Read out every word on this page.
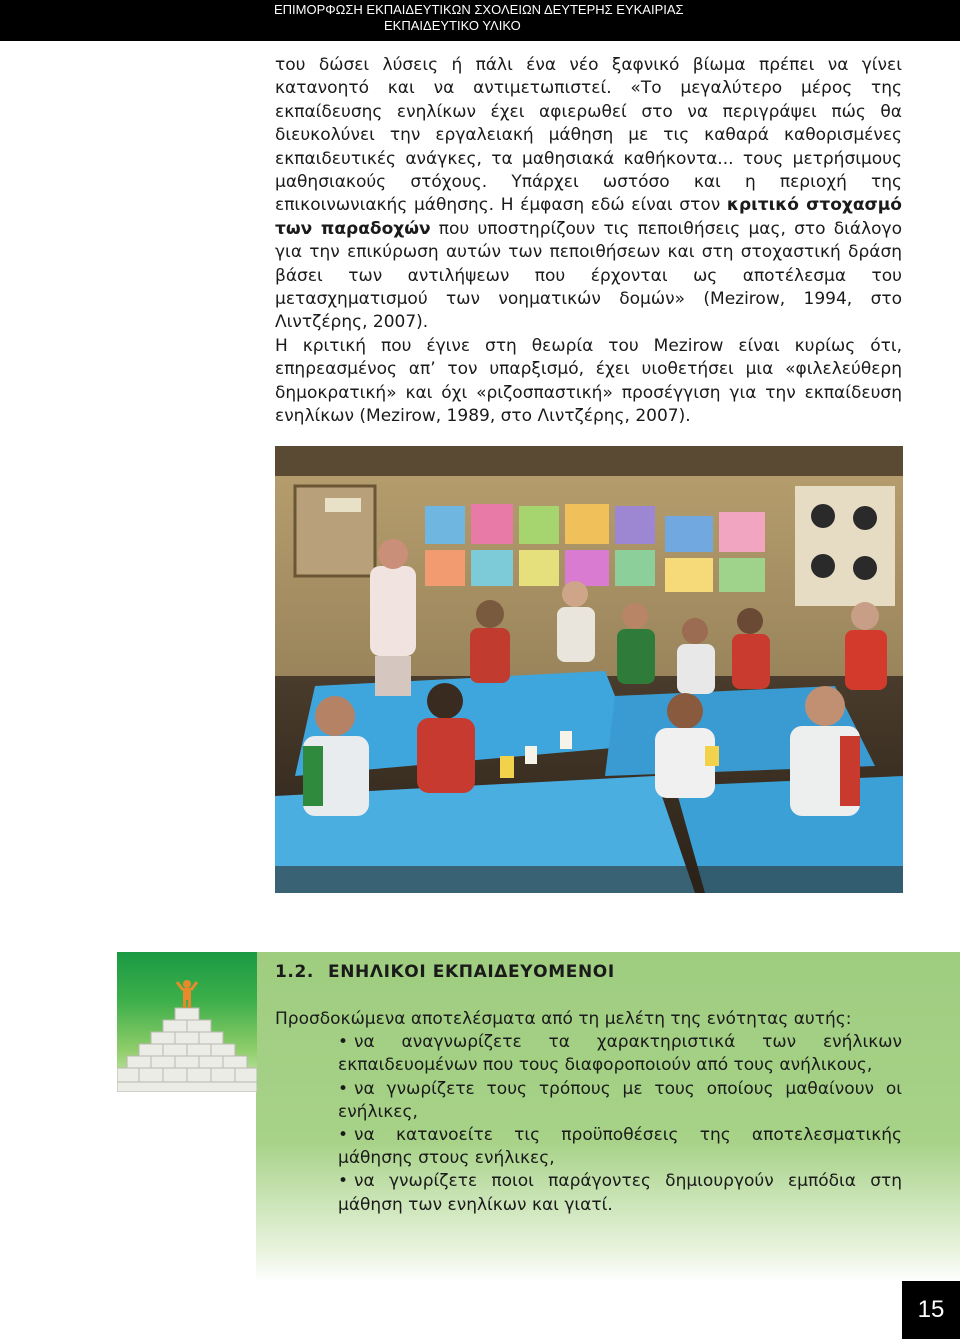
ΕΠΙΜΟΡΦΩΣΗ ΕΚΠΑΙΔΕΥΤΙΚΩΝ ΣΧΟΛΕΙΩΝ ΔΕΥΤΕΡΗΣ ΕΥΚΑΙΡΙΑΣ
ΕΚΠΑΙΔΕΥΤΙΚΟ ΥΛΙΚΟ

του δώσει λύσεις ή πάλι ένα νέο ξαφνικό βίωμα πρέπει να γίνει κατανοητό και να αντιμετωπιστεί. «Το μεγαλύτερο μέρος της εκπαίδευσης ενηλίκων έχει αφιερωθεί στο να περιγράψει πώς θα διευκολύνει την εργαλειακή μάθηση με τις καθαρά καθορισμένες εκπαιδευτικές ανάγκες, τα μαθησιακά καθήκοντα... τους μετρήσιμους μαθησιακούς στόχους. Υπάρχει ωστόσο και η περιοχή της επικοινωνιακής μάθησης. Η έμφαση εδώ είναι στον κριτικό στοχασμό των παραδοχών που υποστηρίζουν τις πεποιθήσεις μας, στο διάλογο για την επικύρωση αυτών των πεποιθήσεων και στη στοχαστική δράση βάσει των αντιλήψεων που έρχονται ως αποτέλεσμα του μετασχηματισμού των νοηματικών δομών» (Mezirow, 1994, στο Λιντζέρης, 2007).

Η κριτική που έγινε στη θεωρία του Mezirow είναι κυρίως ότι, επηρεασμένος απ’ τον υπαρξισμό, έχει υιοθετήσει μια «φιλελεύθερη δημοκρατική» και όχι «ριζοσπαστική» προσέγγιση για την εκπαίδευση ενηλίκων (Mezirow, 1989, στο Λιντζέρης, 2007).

1.2. ΕΝΗΛΙΚΟΙ ΕΚΠΑΙΔΕΥΟΜΕΝΟΙ

Προσδοκώμενα αποτελέσματα από τη μελέτη της ενότητας αυτής:

• να αναγνωρίζετε τα χαρακτηριστικά των ενήλικων εκπαιδευομένων που τους διαφοροποιούν από τους ανήλικους,
• να γνωρίζετε τους τρόπους με τους οποίους μαθαίνουν οι ενήλικες,
• να κατανοείτε τις προϋποθέσεις της αποτελεσματικής μάθησης στους ενήλικες,
• να γνωρίζετε ποιοι παράγοντες δημιουργούν εμπόδια στη μάθηση των ενηλίκων και γιατί.
15
